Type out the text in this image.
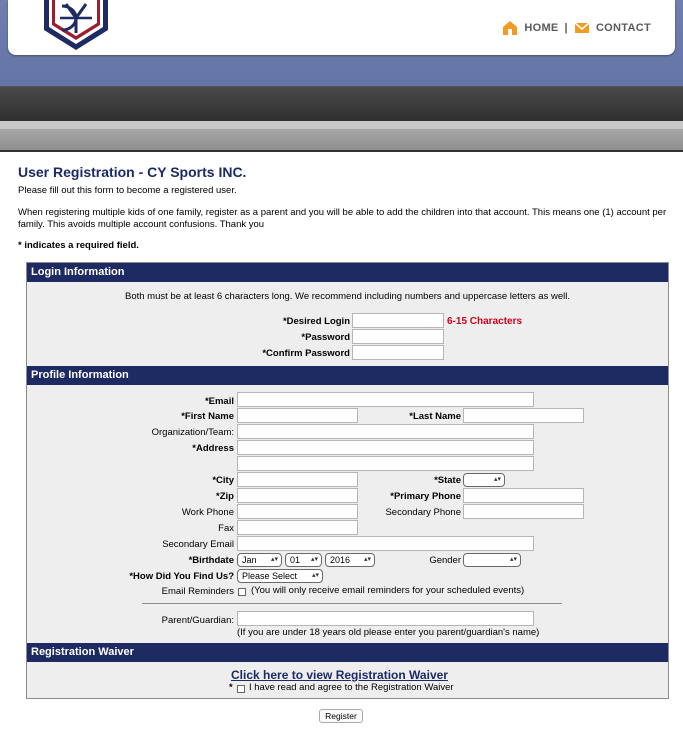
HOME |	CONTACT
User Registration - CY Sports INC.

Please fill out this form to become a registered user.

When registering multiple kids of one family, register as a parent and you will be able to add the children into that account. This means one (1) account per family. This avoids multiple account confusions. Thank you

* indicates a required field.

Login Information
Both must be at least 6 characters long. We recommend including numbers and uppercase letters as well.
*Desired Login	6-15 Characters
*Password
*Confirm Password
Profile Information
*Email
*First Name	*Last Name
Organization/Team:
*Address
*City	*State	▴▾
*Zip	*Primary Phone
Work Phone	Secondary Phone
Fax
Secondary Email
*Birthdate Jan ▴▾	01 ▴▾	2016 ▴▾	Gender	▴▾
*How Did You Find Us? Please Select ▴▾
Email Reminders (You will only receive email reminders for your scheduled events)
Parent/Guardian:
(If you are under 18 years old please enter you parent/guardian's name)
Registration Waiver
Click here to view Registration Waiver
* I have read and agree to the Registration Waiver
Register
